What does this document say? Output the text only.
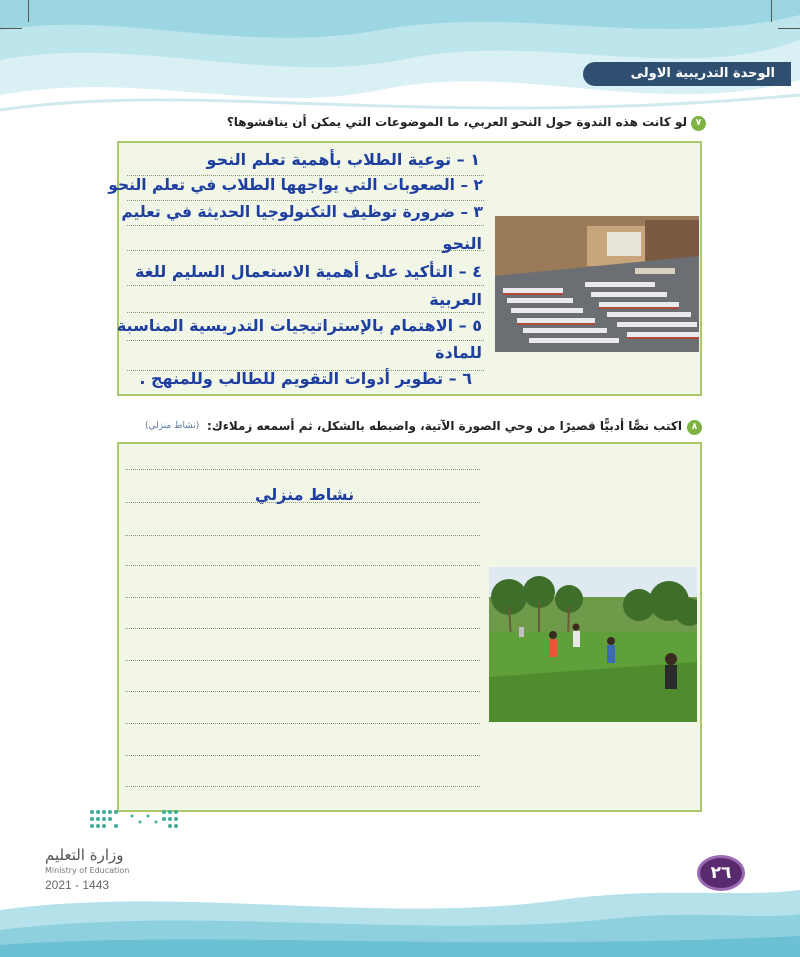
الوحدة التدريبية الاولى
٧
لو كانت هذه الندوة حول النحو العربي، ما الموضوعات التي يمكن أن يناقشوها؟
١ – توعية الطلاب بأهمية تعلم النحو
٢ – الصعوبات التي يواجهها الطلاب في تعلم النحو
٣ – ضرورة توظيف التكنولوجيا الحديثة في تعليم
النحو
٤ – التأكيد على أهمية الاستعمال السليم للغة
العربية
٥ – الاهتمام بالإستراتيجيات التدريسية المناسبة
للمادة
٦ – تطوير أدوات التقويم للطالب وللمنهج .
٨
اكتب نصًّا أدبيًّا قصيرًا من وحي الصورة الآتية، واضبطه بالشكل، ثم أسمعه زملاءك:
(نشاط منزلي)
نشاط منزلي
وزارة التعليم
Ministry of Education
2021 - 1443
٢٦
